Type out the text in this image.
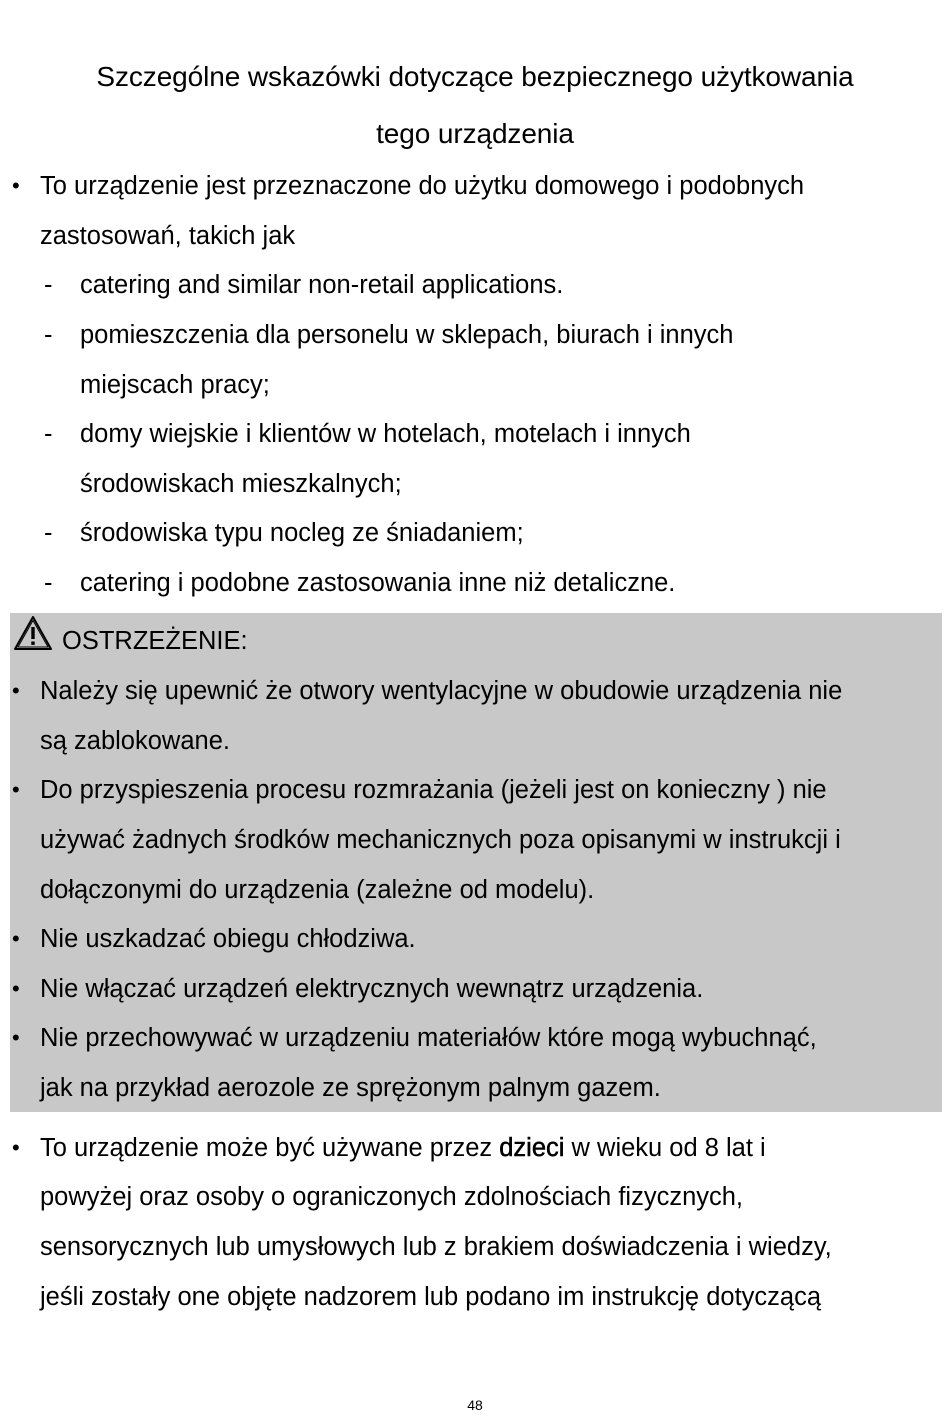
Szczególne wskazówki dotyczące bezpiecznego użytkowania
tego urządzenia
• To urządzenie jest przeznaczone do użytku domowego i podobnych
zastosowań, takich jak
- catering and similar non-retail applications.
- pomieszczenia dla personelu w sklepach, biurach i innych
miejscach pracy;
- domy wiejskie i klientów w hotelach, motelach i innych
środowiskach mieszkalnych;
- środowiska typu nocleg ze śniadaniem;
- catering i podobne zastosowania inne niż detaliczne.
OSTRZEŻENIE:
• Należy się upewnić że otwory wentylacyjne w obudowie urządzenia nie
są zablokowane.
• Do przyspieszenia procesu rozmrażania (jeżeli jest on konieczny ) nie
używać żadnych środków mechanicznych poza opisanymi w instrukcji i
dołączonymi do urządzenia (zależne od modelu).
• Nie uszkadzać obiegu chłodziwa.
• Nie włączać urządzeń elektrycznych wewnątrz urządzenia.
• Nie przechowywać w urządzeniu materiałów które mogą wybuchnąć,
jak na przykład aerozole ze sprężonym palnym gazem.
• To urządzenie może być używane przez dzieci w wieku od 8 lat i
powyżej oraz osoby o ograniczonych zdolnościach fizycznych,
sensorycznych lub umysłowych lub z brakiem doświadczenia i wiedzy,
jeśli zostały one objęte nadzorem lub podano im instrukcję dotyczącą
48
